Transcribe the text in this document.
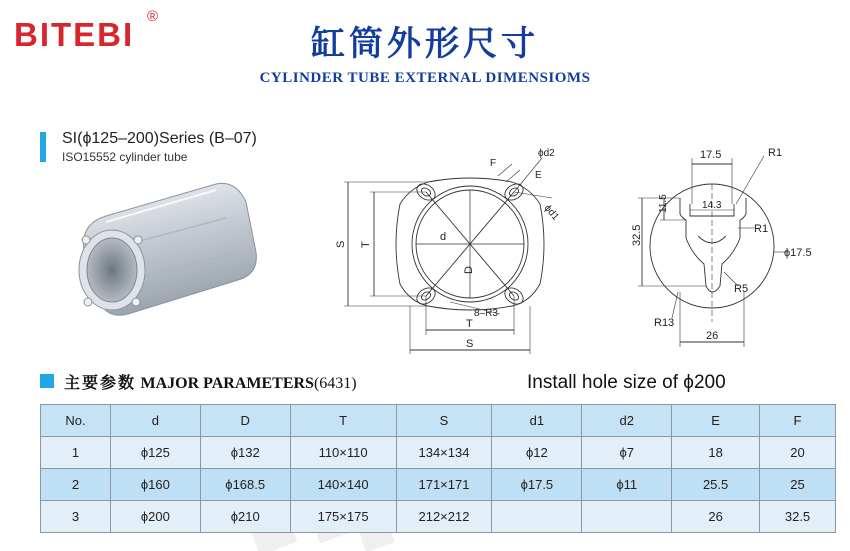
BITEBI ®
缸筒外形尺寸
CYLINDER TUBE EXTERNAL DIMENSIOMS
SI(ϕ125–200)Series (B–07)
ISO15552 cylinder tube	ϕd2
ϕd1
F
E
S T
d
D
8–R3
T
S
17.5	R1
11.5	14.3
R1
32.5
ϕ17.5
R5
R13
26
主要参数 MAJOR PARAMETERS(6431)	Install hole size of ϕ200
No.	d	D	T	S	d1	d2	E	F
1	ϕ125	ϕ132	110×110	134×134	ϕ12	ϕ7	18	20
2	ϕ160	ϕ168.5	140×140	171×171	ϕ17.5	ϕ11	25.5	25
3	ϕ200	ϕ210	175×175	212×212			26	32.5
